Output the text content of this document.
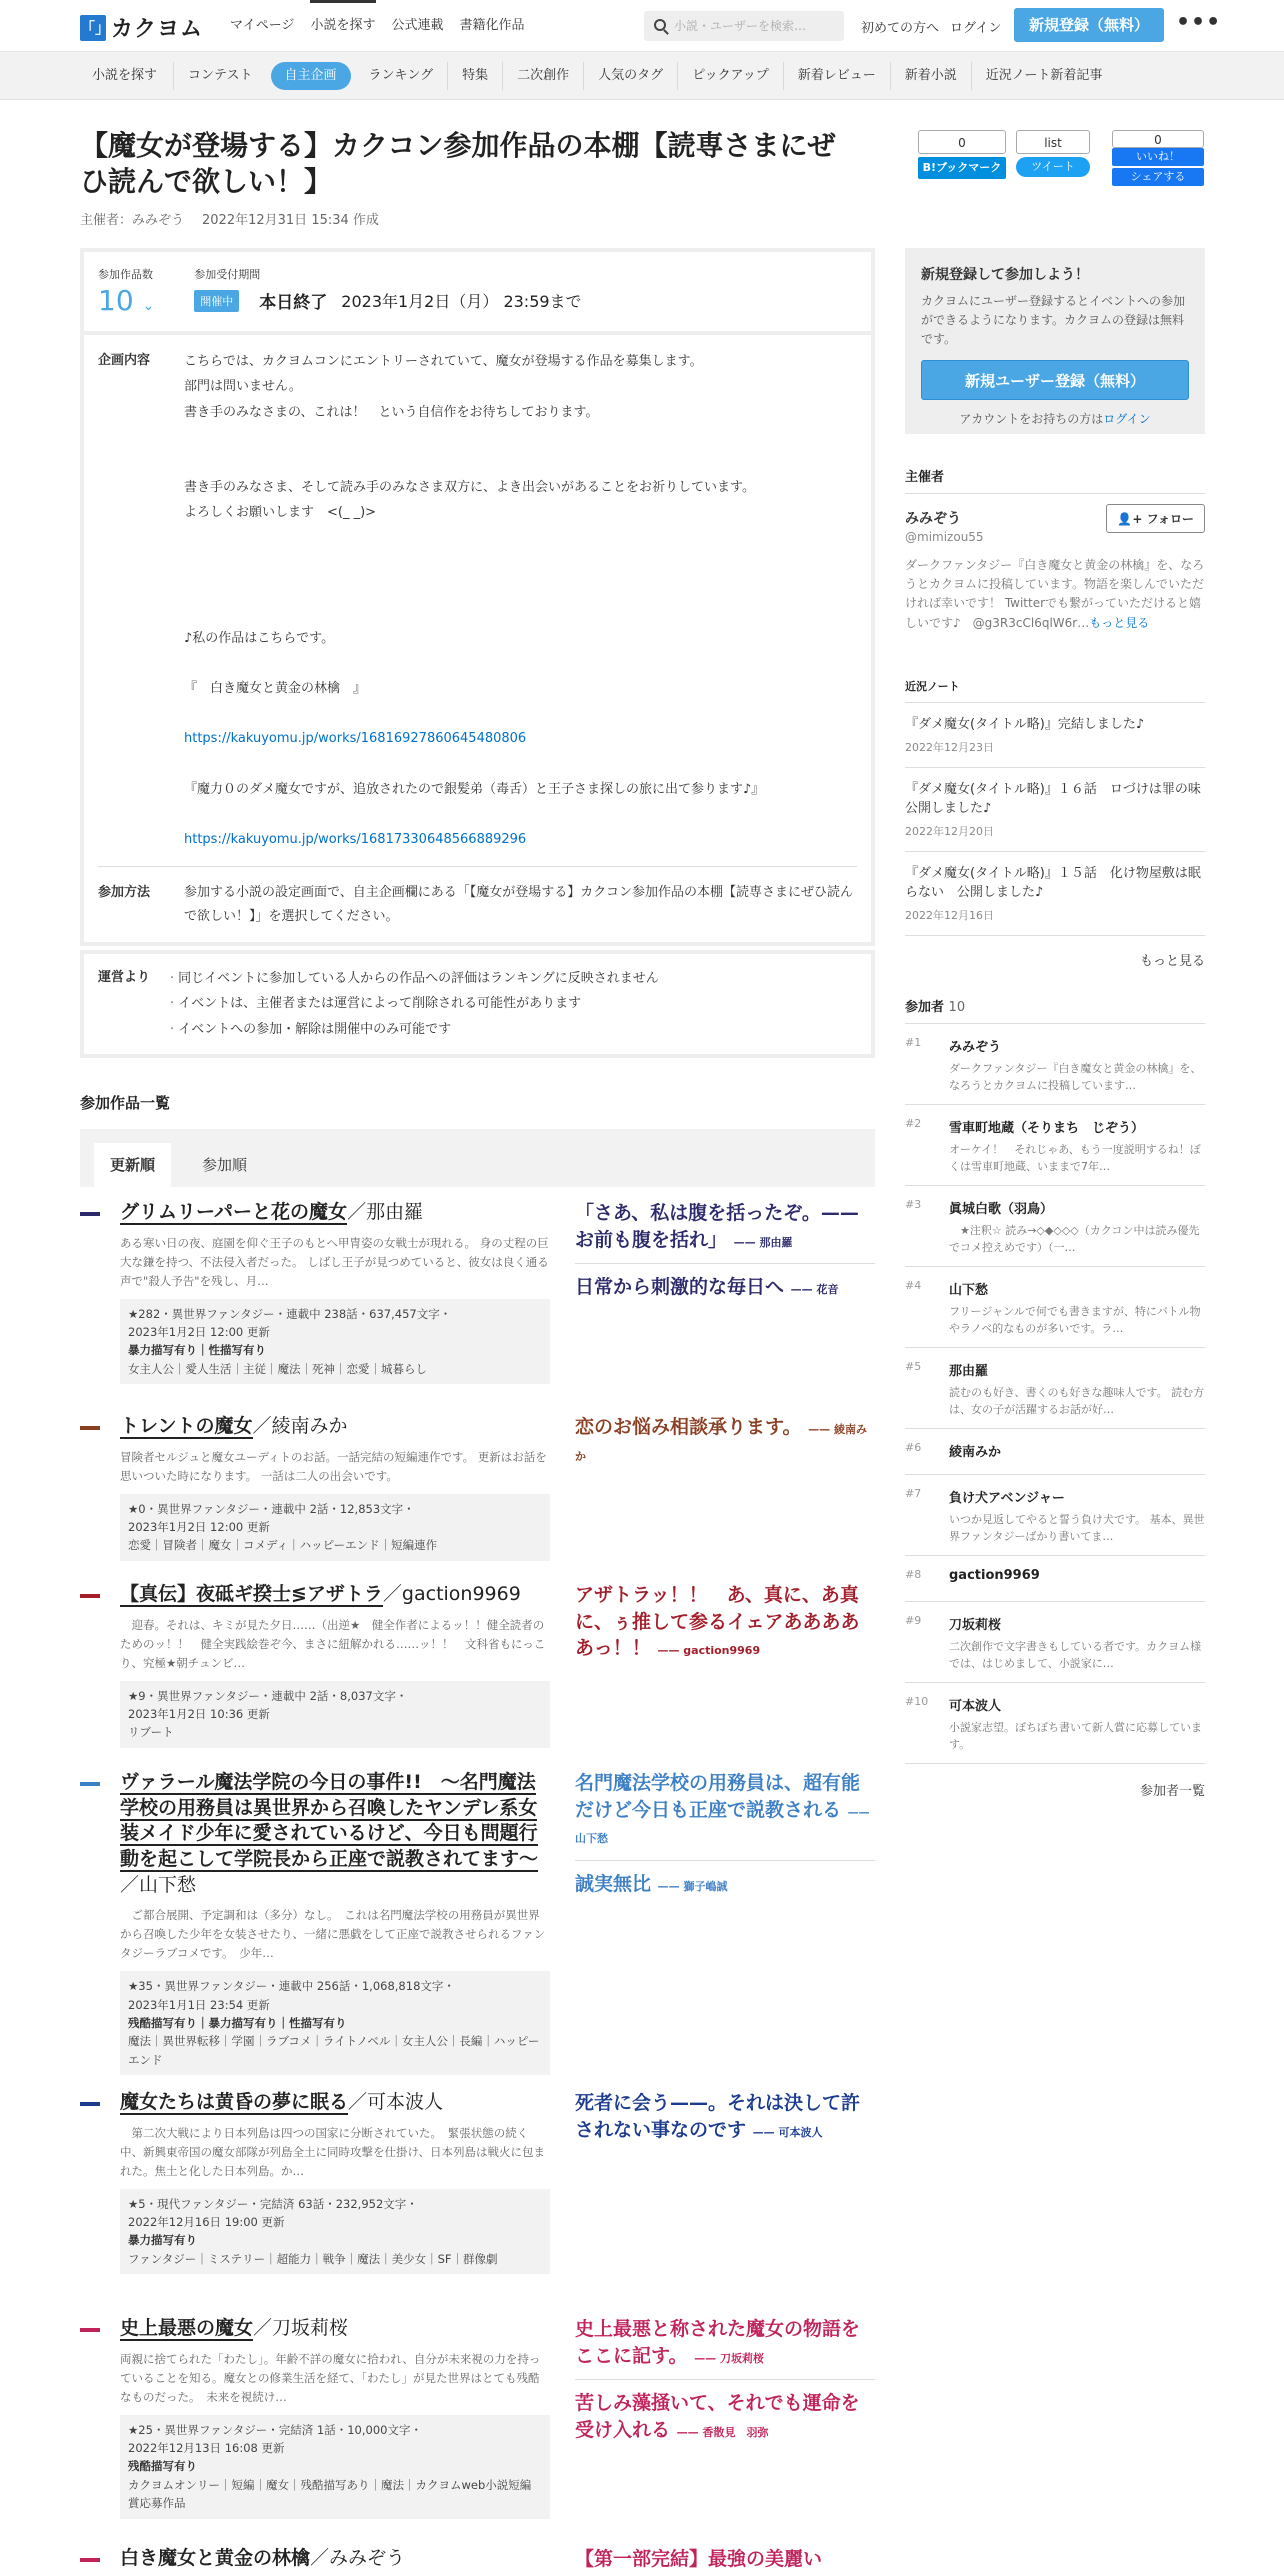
「」 カクヨム マイページ 小説を探す 公式連載 書籍化作品	小説・ユーザーを検索…	初めての方へ ログイン	新規登録（無料）	•••
小説を探す	コンテスト	自主企画	ランキング	特集	二次創作	人気のタグ	ピックアップ	新着レビュー	新着小説	近況ノート新着記事
【魔女が登場する】カクコン参加作品の本棚【読専さまにぜひ読んで欲しい！】
主催者：みみぞう 2022年12月31日 15:34 作成
0
B!ブックマーク
list
ツイート
0
いいね！
シェアする
参加作品数
10 ⌄
参加受付期間
開催中	本日終了 2023年1月2日（月） 23:59まで
企画内容	こちらでは、カクヨムコンにエントリーされていて、魔女が登場する作品を募集します。

部門は問いません。

書き手のみなさまの、これは！　という自信作をお待ちしております。

書き手のみなさま、そして読み手のみなさま双方に、よき出会いがあることをお祈りしています。

よろしくお願いします　<(_ _)>

♪私の作品はこちらです。

『　白き魔女と黄金の林檎　』

https://kakuyomu.jp/works/16816927860645480806

『魔力０のダメ魔女ですが、追放されたので銀髪弟（毒舌）と王子さま探しの旅に出て参ります♪』

https://kakuyomu.jp/works/16817330648566889296
参加方法	参加する小説の設定画面で、自主企画欄にある「【魔女が登場する】カクコン参加作品の本棚【読専さまにぜひ読んで欲しい！】」を選択してください。
運営より
·	同じイベントに参加している人からの作品への評価はランキングに反映されません
· イベントは、主催者または運営によって削除される可能性があります
· イベントへの参加・解除は開催中のみ可能です
参加作品一覧
更新順	参加順
グリムリーパーと花の魔女／那由羅
ある寒い日の夜、庭園を仰ぐ王子のもとへ甲冑姿の女戦士が現れる。 身の丈程の巨大な鎌を持つ、不法侵入者だった。 しばし王子が見つめていると、彼女は良く通る声で"殺人予告"を残し、月…
★282・異世界ファンタジー・連載中 238話・637,457文字・
2023年1月2日 12:00 更新
暴力描写有り｜性描写有り
女主人公｜愛人生活｜主従｜魔法｜死神｜恋愛｜城暮らし
「さあ、私は腹を括ったぞ。——お前も腹を括れ」 —— 那由羅
日常から刺激的な毎日へ —— 花音
トレントの魔女／綾南みか
冒険者セルジュと魔女ユーディトのお話。一話完結の短編連作です。 更新はお話を思いついた時になります。 一話は二人の出会いです。
★0・異世界ファンタジー・連載中 2話・12,853文字・
2023年1月2日 12:00 更新
恋愛｜冒険者｜魔女｜コメディ｜ハッピーエンド｜短編連作
恋のお悩み相談承ります。 —— 綾南みか
【真伝】夜砥ギ揆士≶アザトラ／gaction9969
　迎春。それは、キミが見た夕日……（出逆★　健全作者によるッ！！健全読者のためのッ！！　健全実践絵巻ぞ今、まさに紐解かれる……ッ！！　文科省もにっこり、究極★朝チュンビ…
★9・異世界ファンタジー・連載中 2話・8,037文字・
2023年1月2日 10:36 更新
リブート
アザトラッ！！　あ、真に、あ真に、ぅ推して参るイェアあああああっ！！ —— gaction9969
ヴァラール魔法学院の今日の事件!!　〜名門魔法学校の用務員は異世界から召喚したヤンデレ系女装メイド少年に愛されているけど、今日も問題行動を起こして学院長から正座で説教されてます〜／山下愁
　ご都合展開、予定調和は（多分）なし。　これは名門魔法学校の用務員が異世界から召喚した少年を女装させたり、一緒に悪戯をして正座で説教させられるファンタジーラブコメです。　少年…
★35・異世界ファンタジー・連載中 256話・1,068,818文字・
2023年1月1日 23:54 更新
残酷描写有り｜暴力描写有り｜性描写有り
魔法｜異世界転移｜学園｜ラブコメ｜ライトノベル｜女主人公｜長編｜ハッピーエンド
名門魔法学校の用務員は、超有能だけど今日も正座で説教される —— 山下愁
誠実無比 —— 獅子嶋誠
魔女たちは黄昏の夢に眠る／可本波人
　第二次大戦により日本列島は四つの国家に分断されていた。　緊張状態の続く中、新興東帝国の魔女部隊が列島全土に同時攻撃を仕掛け、日本列島は戦火に包まれた。焦土と化した日本列島。か…
★5・現代ファンタジー・完結済 63話・232,952文字・
2022年12月16日 19:00 更新
暴力描写有り
ファンタジー｜ミステリー｜超能力｜戦争｜魔法｜美少女｜SF｜群像劇
死者に会う——。それは決して許されない事なのです —— 可本波人
史上最悪の魔女／刀坂莉桜
両親に捨てられた「わたし」。年齢不詳の魔女に拾われ、自分が未来視の力を持っていることを知る。魔女との修業生活を経て、「わたし」が見た世界はとても残酷なものだった。　未来を視続け…
★25・異世界ファンタジー・完結済 1話・10,000文字・
2022年12月13日 16:08 更新
残酷描写有り
カクヨムオンリー｜短編｜魔女｜残酷描写あり｜魔法｜カクヨムweb小説短編賞応募作品
史上最悪と称された魔女の物語をここに記す。 —— 刀坂莉桜
苦しみ藻掻いて、それでも運命を受け入れる —— 香散見　羽弥
白き魔女と黄金の林檎／みみぞう	【第一部完結】最強の美麗い
新規登録して参加しよう！
カクヨムにユーザー登録するとイベントへの参加ができるようになります。カクヨムの登録は無料です。
新規ユーザー登録（無料）
アカウントをお持ちの方はログイン
主催者
みみぞう
@mimizou55
👤+ フォロー
ダークファンタジー『白き魔女と黄金の林檎』を、なろうとカクヨムに投稿しています。物語を楽しんでいただければ幸いです！ Twitterでも繋がっていただけると嬉しいです♪　@g3R3cCl6qlW6r…もっと見る
近況ノート
『ダメ魔女(タイトル略)』完結しました♪
2022年12月23日
『ダメ魔女(タイトル略)』１６話　ロづけは罪の味　公開しました♪
2022年12月20日
『ダメ魔女(タイトル略)』１５話　化け物屋敷は眠らない　公開しました♪
2022年12月16日
もっと見る
参加者 10
#1 みみぞう
ダークファンタジー『白き魔女と黄金の林檎』を、なろうとカクヨムに投稿しています…
#2 雪車町地蔵（そりまち　じぞう）
オーケイ！　それじゃあ、もう一度説明するね！ぼくは雪車町地蔵、いままで7年…
#3 眞城白歌（羽鳥）
　★注釈☆ 読み→◇◆◇◇◇（カクコン中は読み優先でコメ控えめです）（一…
#4 山下愁
フリージャンルで何でも書きますが、特にバトル物やラノベ的なものが多いです。ラ…
#5 那由羅
読むのも好き、書くのも好きな趣味人です。 読む方は、女の子が活躍するお話が好…
#6 綾南みか
#7 負け犬アベンジャー
いつか見返してやると誓う負け犬です。 基本、異世界ファンタジーばかり書いてま…
#8 gaction9969
#9 刀坂莉桜
二次創作で文字書きもしている者です。カクヨム様では、はじめまして、小説家に…
#10 可本波人
小説家志望。ぼちぼち書いて新人賞に応募しています。
参加者一覧
